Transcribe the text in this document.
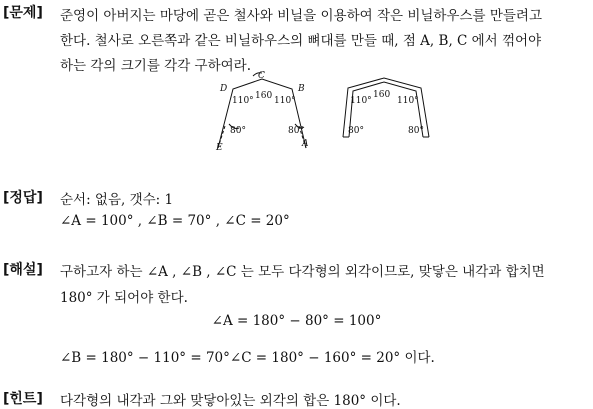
[문제] 준영이 아버지는 마당에 곧은 철사와 비닐을 이용하여 작은 비닐하우스를 만들려고
한다. 철사로 오른쪽과 같은 비닐하우스의 뼈대를 만들 때, 점 A, B, C 에서 꺾어야
하는 각의 크기를 각각 구하여라.
D
C
B
E	A
110° 160 110°
80°	80°
110°
160
110°
80°	80°
[정답] 순서: 없음, 갯수: 1
∠A = 100° , ∠B = 70° , ∠C = 20°
[해설] 구하고자 하는 ∠A , ∠B , ∠C 는 모두 다각형의 외각이므로, 맞닿은 내각과 합치면
180° 가 되어야 한다.
∠A = 180° − 80° = 100°
∠B = 180° − 110° = 70°∠C = 180° − 160° = 20° 이다.
[힌트] 다각형의 내각과 그와 맞닿아있는 외각의 합은 180° 이다.
